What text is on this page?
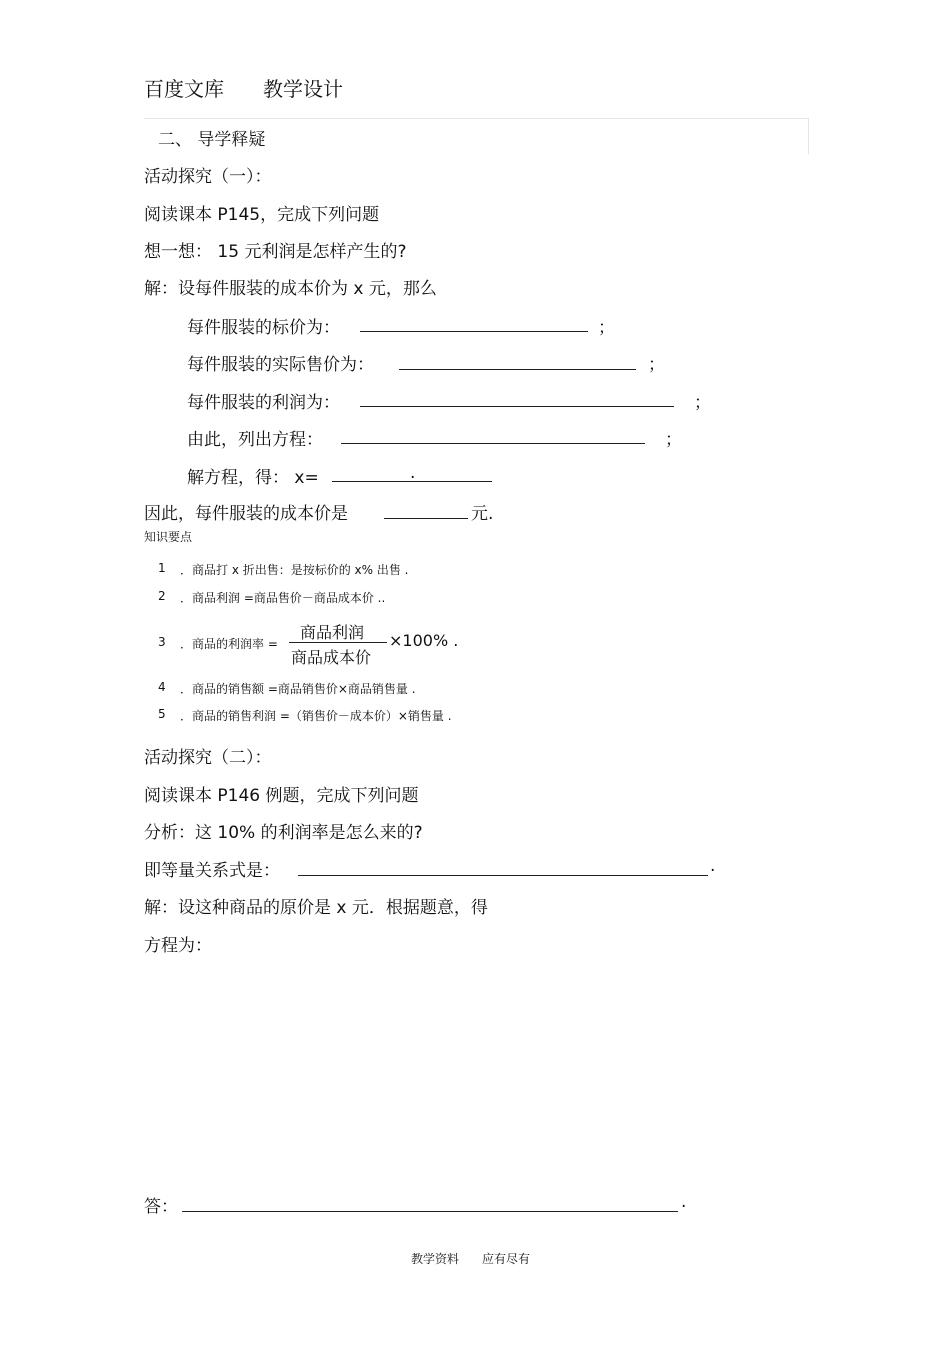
百度文库 教学设计
二、 导学释疑
活动探究（一）：
阅读课本 P145，完成下列问题
想一想： 15 元利润是怎样产生的?
解：设每件服装的成本价为 x 元，那么
每件服装的标价为：	；
每件服装的实际售价为：	；
每件服装的利润为：	；
由此，列出方程：	；
解方程，得： x=	.
因此，每件服装的成本价是	元.
知识要点
1 ．商品打 x 折出售：是按标价的 x% 出售 .
2 ．商品利润 =商品售价－商品成本价 ..
3 ．商品的利润率 =
商品利润
商品成本价
×100% .
4 ．商品的销售额 =商品销售价×商品销售量 .
5 ．商品的销售利润 =（销售价－成本价）×销售量 .
活动探究（二）：
阅读课本 P146 例题，完成下列问题
分析：这 10% 的利润率是怎么来的?
即等量关系式是：	.
解：设这种商品的原价是 x 元．根据题意，得
方程为：
答：	.
教学资料 应有尽有
